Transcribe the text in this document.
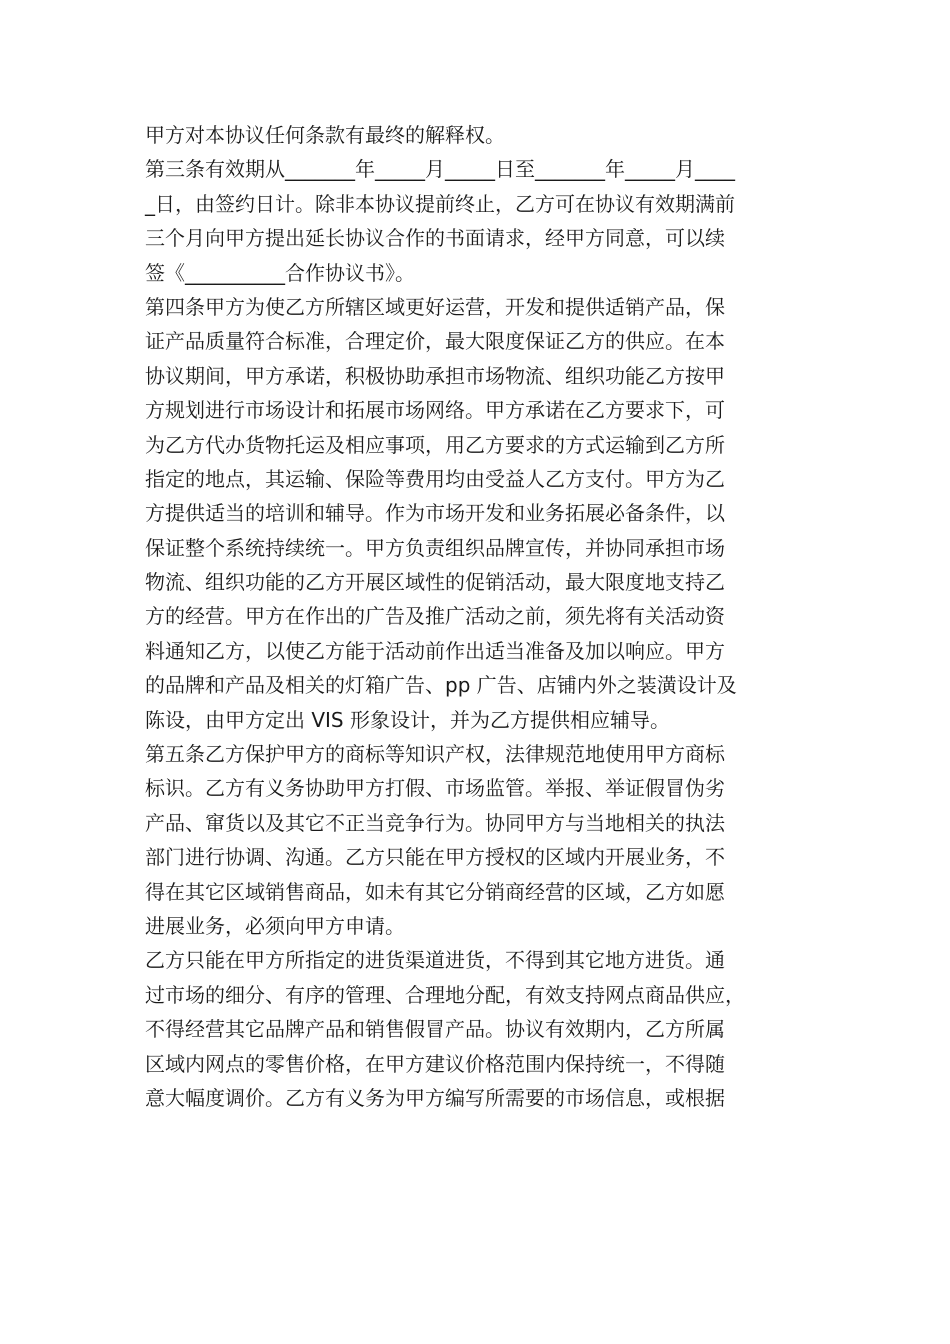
甲方对本协议任何条款有最终的解释权。
第三条有效期从_______年_____月_____日至_______年_____月____
_日，由签约日计。除非本协议提前终止，乙方可在协议有效期满前
三个月向甲方提出延长协议合作的书面请求，经甲方同意，可以续
签《__________合作协议书》。
第四条甲方为使乙方所辖区域更好运营，开发和提供适销产品，保
证产品质量符合标准，合理定价，最大限度保证乙方的供应。在本
协议期间，甲方承诺，积极协助承担市场物流、组织功能乙方按甲
方规划进行市场设计和拓展市场网络。甲方承诺在乙方要求下，可
为乙方代办货物托运及相应事项，用乙方要求的方式运输到乙方所
指定的地点，其运输、保险等费用均由受益人乙方支付。甲方为乙
方提供适当的培训和辅导。作为市场开发和业务拓展必备条件，以
保证整个系统持续统一。甲方负责组织品牌宣传，并协同承担市场
物流、组织功能的乙方开展区域性的促销活动，最大限度地支持乙
方的经营。甲方在作出的广告及推广活动之前，须先将有关活动资
料通知乙方，以使乙方能于活动前作出适当准备及加以响应。甲方
的品牌和产品及相关的灯箱广告、pp 广告、店铺内外之装潢设计及
陈设，由甲方定出 VIS 形象设计，并为乙方提供相应辅导。
第五条乙方保护甲方的商标等知识产权，法律规范地使用甲方商标
标识。乙方有义务协助甲方打假、市场监管。举报、举证假冒伪劣
产品、窜货以及其它不正当竞争行为。协同甲方与当地相关的执法
部门进行协调、沟通。乙方只能在甲方授权的区域内开展业务，不
得在其它区域销售商品，如未有其它分销商经营的区域，乙方如愿
进展业务，必须向甲方申请。
乙方只能在甲方所指定的进货渠道进货，不得到其它地方进货。通
过市场的细分、有序的管理、合理地分配，有效支持网点商品供应，
不得经营其它品牌产品和销售假冒产品。协议有效期内，乙方所属
区域内网点的零售价格，在甲方建议价格范围内保持统一，不得随
意大幅度调价。乙方有义务为甲方编写所需要的市场信息，或根据
